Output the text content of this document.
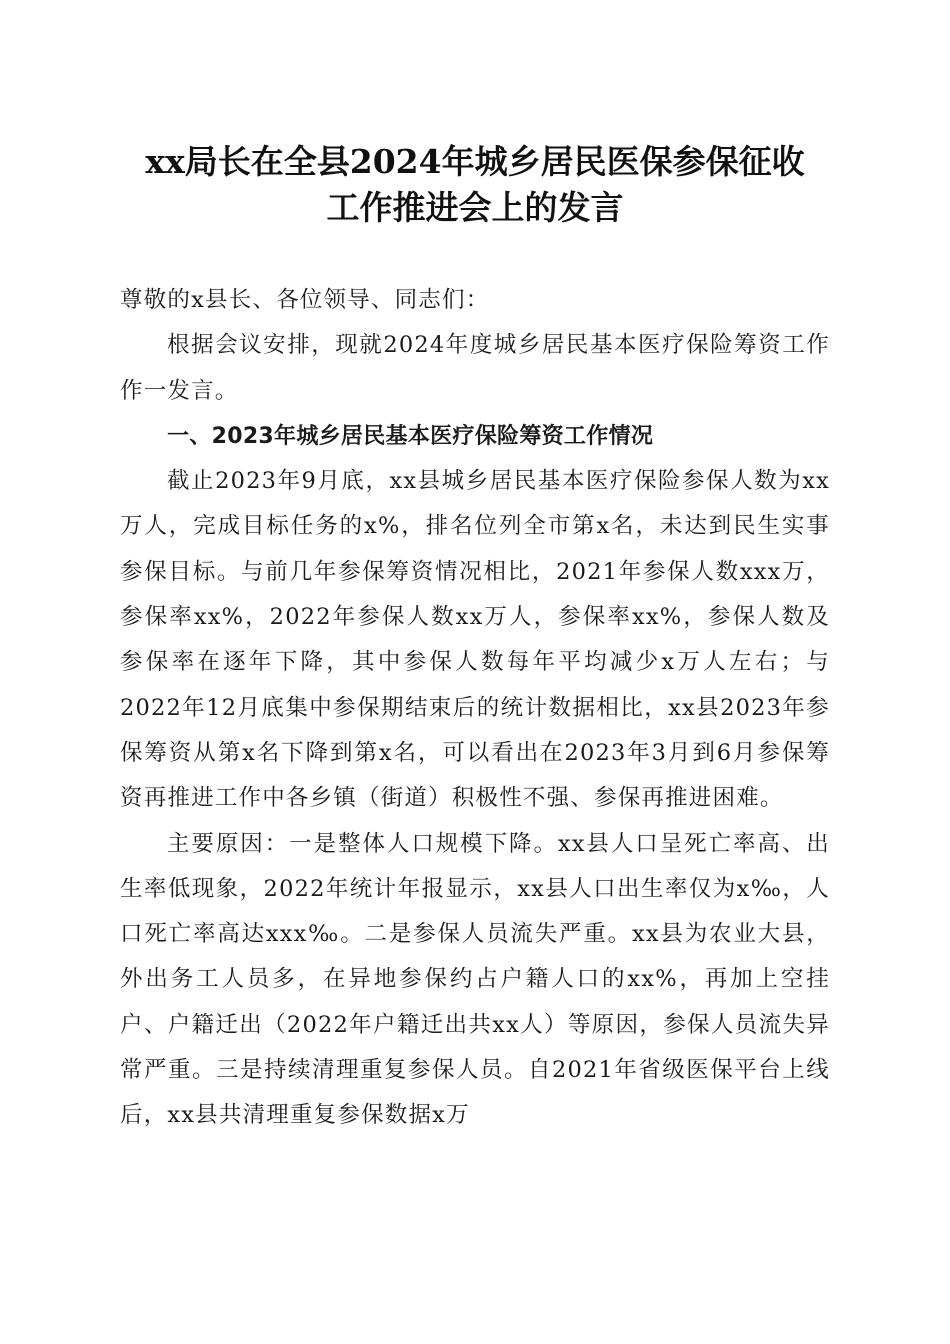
xx局长在全县2024年城乡居民医保参保征收
工作推进会上的发言

尊敬的x县长、各位领导、同志们：

根据会议安排，现就2024年度城乡居民基本医疗保险筹资工作作一发言。

一、2023年城乡居民基本医疗保险筹资工作情况

截止2023年9月底，xx县城乡居民基本医疗保险参保人数为xx万人，完成目标任务的x%，排名位列全市第x名，未达到民生实事参保目标。与前几年参保筹资情况相比，2021年参保人数xxx万，参保率xx%，2022年参保人数xx万人，参保率xx%，参保人数及参保率在逐年下降，其中参保人数每年平均减少x万人左右；与2022年12月底集中参保期结束后的统计数据相比，xx县2023年参保筹资从第x名下降到第x名，可以看出在2023年3月到6月参保筹资再推进工作中各乡镇（街道）积极性不强、参保再推进困难。

主要原因：一是整体人口规模下降。xx县人口呈死亡率高、出生率低现象，2022年统计年报显示，xx县人口出生率仅为x‰，人口死亡率高达xxx‰。二是参保人员流失严重。xx县为农业大县，外出务工人员多，在异地参保约占户籍人口的xx%，再加上空挂户、户籍迁出（2022年户籍迁出共xx人）等原因，参保人员流失异常严重。三是持续清理重复参保人员。自2021年省级医保平台上线后，xx县共清理重复参保数据x万
